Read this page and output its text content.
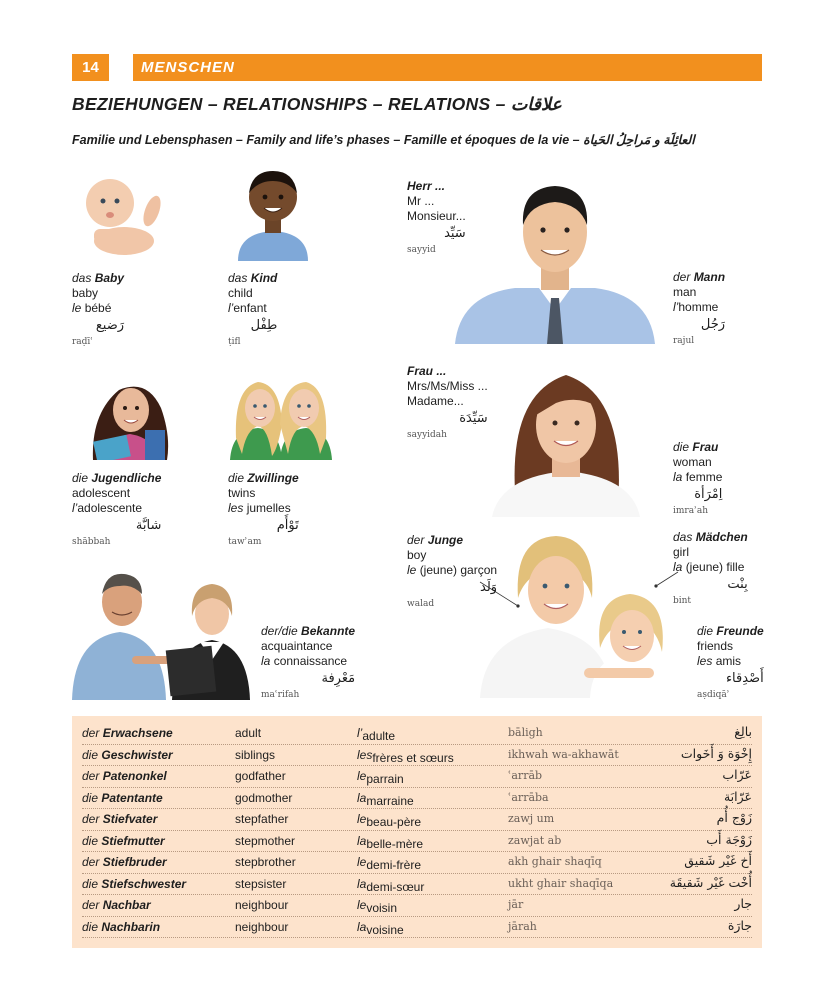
14	MENSCHEN
BEZIEHUNGEN – RELATIONSHIPS – RELATIONS – علاقات
Familie und Lebensphasen – Family and life’s phases – Famille et époques de la vie – العائِلَة و مَراحِلُ الحَياة
das Baby
baby
le bébé
رَضيع
raḍīʿ
das Kind
child
l’enfant
طِفْل
ṭifl
Herr ...
Mr ...
Monsieur...
سَيِّد
sayyid
der Mann
man
l’homme
رَجُل
rajul
die Jugendliche
adolescent
l’adolescente
شابَّة
shābbah
die Zwillinge
twins
les jumelles
تَوْأَم
tawʾam
Frau ...
Mrs/Ms/Miss ...
Madame...
سَيِّدَة
sayyidah
die Frau
woman
la femme
اِمْرَأة
imraʾah
der Junge
boy
le (jeune) garçon
وَلَد
walad
das Mädchen
girl
la (jeune) fille
بِنْت
bint
der/die Bekannte
acquaintance
la connaissance
مَعْرِفة
maʿrifah
die Freunde
friends
les amis
أَصْدِقاء
aṣdiqāʾ
der Erwachsene	adult	l’ adulte	bāligh	بالِغ
die Geschwister	siblings	les frères et sœurs	ikhwah wa-akhawāt	إِخْوَة وَ أَخَوات
der Patenonkel	godfather	le parrain	ʿarrāb	عَرّاب
die Patentante	godmother	la marraine	ʿarrāba	عَرّابَة
der Stiefvater	stepfather	le beau-père	zawj um	زَوْج أُم
die Stiefmutter	stepmother	la belle-mère	zawjat ab	زَوْجَة أَب
der Stiefbruder	stepbrother	le demi-frère	akh ghair shaqīq	أَخ غَيْر شَقيق
die Stiefschwester	stepsister	la demi-sœur	ukht ghair shaqīqa	أُخْت غَيْر شَقيقَة
der Nachbar	neighbour	le voisin	jār	جار
die Nachbarin	neighbour	la voisine	jārah	جارَة
